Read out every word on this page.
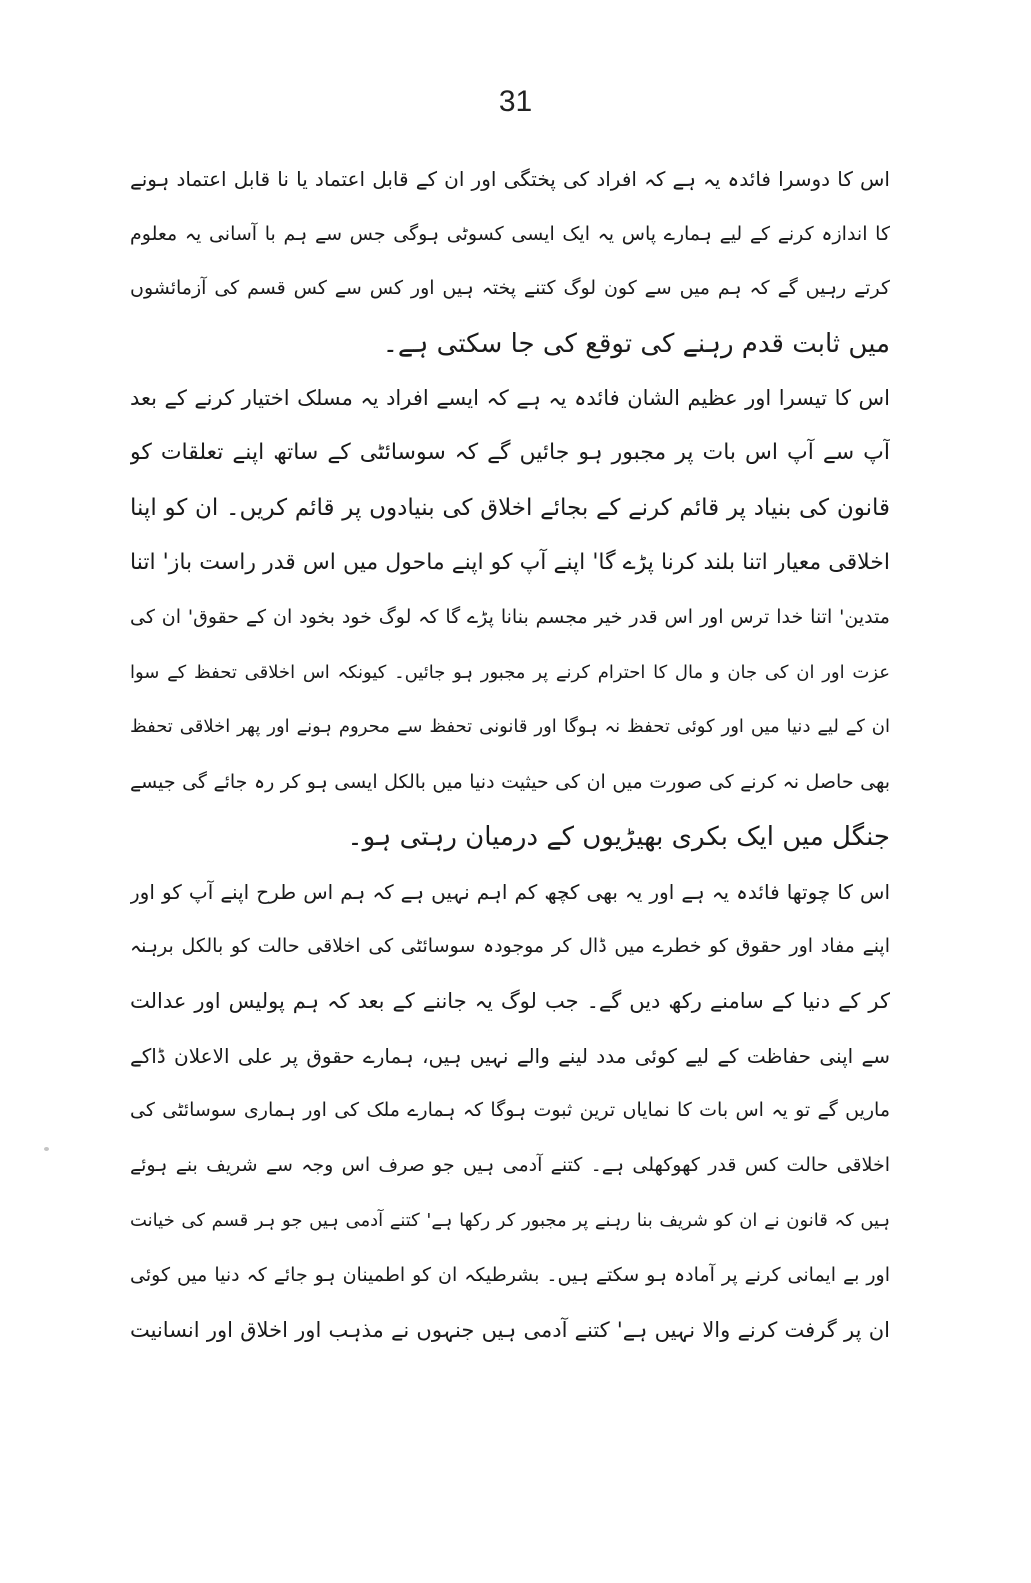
31
اس کا دوسرا فائدہ یہ ہے کہ افراد کی پختگی اور ان کے قابل اعتماد یا نا قابل اعتماد ہونے
کا اندازہ کرنے کے لیے ہمارے پاس یہ ایک ایسی کسوٹی ہوگی جس سے ہم با آسانی یہ معلوم
کرتے رہیں گے کہ ہم میں سے کون لوگ کتنے پختہ ہیں اور کس سے کس قسم کی آزمائشوں
میں ثابت قدم رہنے کی توقع کی جا سکتی ہے۔
اس کا تیسرا اور عظیم الشان فائدہ یہ ہے کہ ایسے افراد یہ مسلک اختیار کرنے کے بعد
آپ سے آپ اس بات پر مجبور ہو جائیں گے کہ سوسائٹی کے ساتھ اپنے تعلقات کو
قانون کی بنیاد پر قائم کرنے کے بجائے اخلاق کی بنیادوں پر قائم کریں۔ ان کو اپنا
اخلاقی معیار اتنا بلند کرنا پڑے گا' اپنے آپ کو اپنے ماحول میں اس قدر راست باز' اتنا
متدین' اتنا خدا ترس اور اس قدر خیر مجسم بنانا پڑے گا کہ لوگ خود بخود ان کے حقوق' ان کی
عزت اور ان کی جان و مال کا احترام کرنے پر مجبور ہو جائیں۔ کیونکہ اس اخلاقی تحفظ کے سوا
ان کے لیے دنیا میں اور کوئی تحفظ نہ ہوگا اور قانونی تحفظ سے محروم ہونے اور پھر اخلاقی تحفظ
بھی حاصل نہ کرنے کی صورت میں ان کی حیثیت دنیا میں بالکل ایسی ہو کر رہ جائے گی جیسے
جنگل میں ایک بکری بھیڑیوں کے درمیان رہتی ہو۔
اس کا چوتھا فائدہ یہ ہے اور یہ بھی کچھ کم اہم نہیں ہے کہ ہم اس طرح اپنے آپ کو اور
اپنے مفاد اور حقوق کو خطرے میں ڈال کر موجودہ سوسائٹی کی اخلاقی حالت کو بالکل برہنہ
کر کے دنیا کے سامنے رکھ دیں گے۔ جب لوگ یہ جاننے کے بعد کہ ہم پولیس اور عدالت
سے اپنی حفاظت کے لیے کوئی مدد لینے والے نہیں ہیں، ہمارے حقوق پر علی الاعلان ڈاکے
ماریں گے تو یہ اس بات کا نمایاں ترین ثبوت ہوگا کہ ہمارے ملک کی اور ہماری سوسائٹی کی
اخلاقی حالت کس قدر کھوکھلی ہے۔ کتنے آدمی ہیں جو صرف اس وجہ سے شریف بنے ہوئے
ہیں کہ قانون نے ان کو شریف بنا رہنے پر مجبور کر رکھا ہے' کتنے آدمی ہیں جو ہر قسم کی خیانت
اور بے ایمانی کرنے پر آمادہ ہو سکتے ہیں۔ بشرطیکہ ان کو اطمینان ہو جائے کہ دنیا میں کوئی
ان پر گرفت کرنے والا نہیں ہے' کتنے آدمی ہیں جنہوں نے مذہب اور اخلاق اور انسانیت
